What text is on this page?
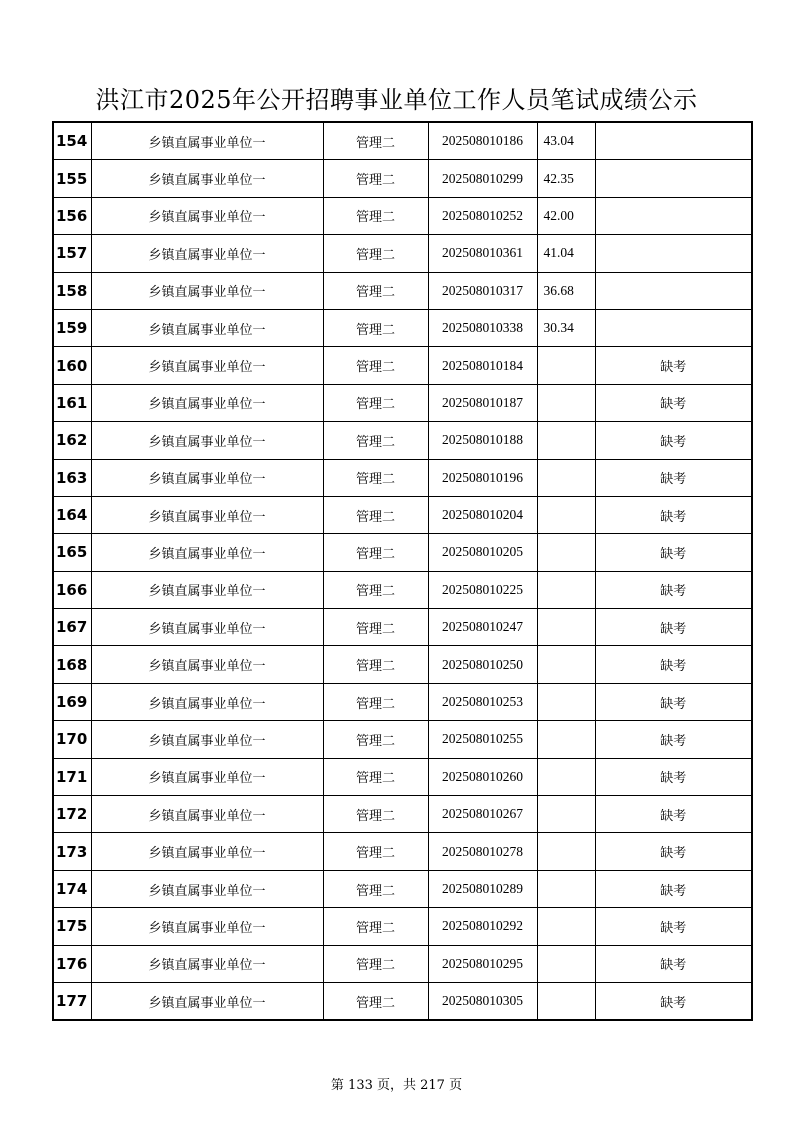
洪江市2025年公开招聘事业单位工作人员笔试成绩公示
154	乡镇直属事业单位一	管理二	202508010186	43.04	
155	乡镇直属事业单位一	管理二	202508010299	42.35	
156	乡镇直属事业单位一	管理二	202508010252	42.00	
157	乡镇直属事业单位一	管理二	202508010361	41.04	
158	乡镇直属事业单位一	管理二	202508010317	36.68	
159	乡镇直属事业单位一	管理二	202508010338	30.34	
160	乡镇直属事业单位一	管理二	202508010184		缺考
161	乡镇直属事业单位一	管理二	202508010187		缺考
162	乡镇直属事业单位一	管理二	202508010188		缺考
163	乡镇直属事业单位一	管理二	202508010196		缺考
164	乡镇直属事业单位一	管理二	202508010204		缺考
165	乡镇直属事业单位一	管理二	202508010205		缺考
166	乡镇直属事业单位一	管理二	202508010225		缺考
167	乡镇直属事业单位一	管理二	202508010247		缺考
168	乡镇直属事业单位一	管理二	202508010250		缺考
169	乡镇直属事业单位一	管理二	202508010253		缺考
170	乡镇直属事业单位一	管理二	202508010255		缺考
171	乡镇直属事业单位一	管理二	202508010260		缺考
172	乡镇直属事业单位一	管理二	202508010267		缺考
173	乡镇直属事业单位一	管理二	202508010278		缺考
174	乡镇直属事业单位一	管理二	202508010289		缺考
175	乡镇直属事业单位一	管理二	202508010292		缺考
176	乡镇直属事业单位一	管理二	202508010295		缺考
177	乡镇直属事业单位一	管理二	202508010305		缺考
第 133 页，共 217 页
